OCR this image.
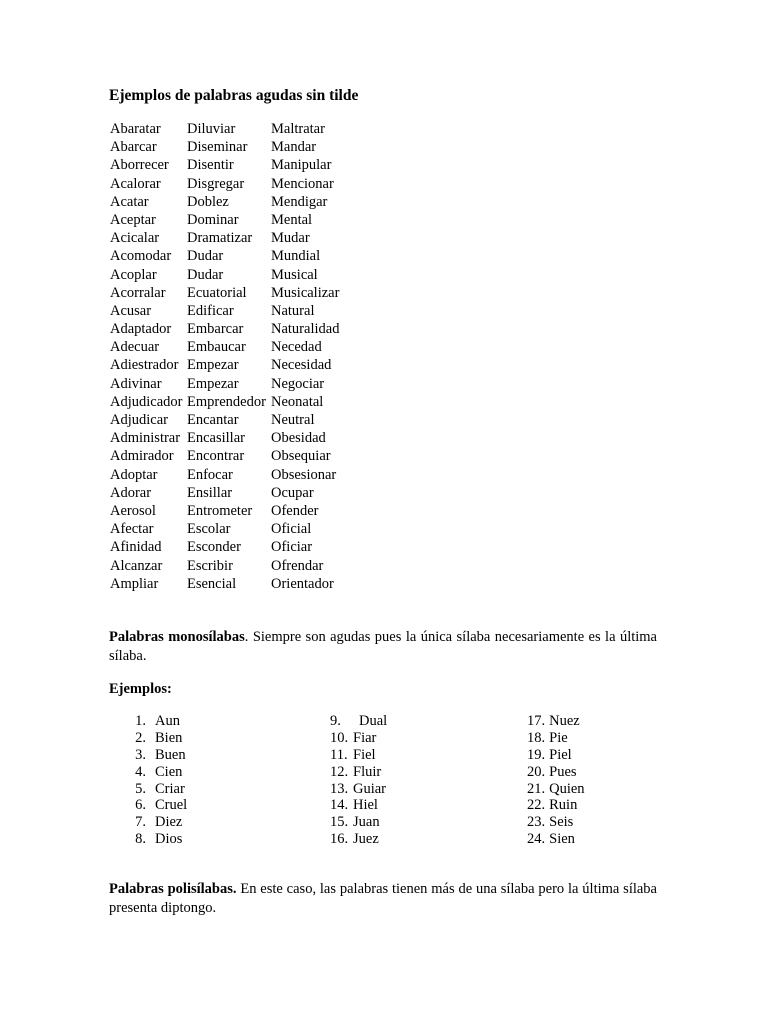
Ejemplos de palabras agudas sin tilde
Abaratar
Abarcar
Aborrecer
Acalorar
Acatar
Aceptar
Acicalar
Acomodar
Acoplar
Acorralar
Acusar
Adaptador
Adecuar
Adiestrador
Adivinar
Adjudicador
Adjudicar
Administrar
Admirador
Adoptar
Adorar
Aerosol
Afectar
Afinidad
Alcanzar
Ampliar
Diluviar
Diseminar
Disentir
Disgregar
Doblez
Dominar
Dramatizar
Dudar
Dudar
Ecuatorial
Edificar
Embarcar
Embaucar
Empezar
Empezar
Emprendedor
Encantar
Encasillar
Encontrar
Enfocar
Ensillar
Entrometer
Escolar
Esconder
Escribir
Esencial
Maltratar
Mandar
Manipular
Mencionar
Mendigar
Mental
Mudar
Mundial
Musical
Musicalizar
Natural
Naturalidad
Necedad
Necesidad
Negociar
Neonatal
Neutral
Obesidad
Obsequiar
Obsesionar
Ocupar
Ofender
Oficial
Oficiar
Ofrendar
Orientador

Palabras monosílabas. Siempre son agudas pues la única sílaba necesariamente es la última sílaba.

Ejemplos:
1. Aun
2. Bien
3. Buen
4. Cien
5. Criar
6. Cruel
7. Diez
8. Dios
9. Dual
10. Fiar
11. Fiel
12. Fluir
13. Guiar
14. Hiel
15. Juan
16. Juez
17. Nuez
18. Pie
19. Piel
20. Pues
21. Quien
22. Ruin
23. Seis
24. Sien

Palabras polisílabas. En este caso, las palabras tienen más de una sílaba pero la última sílaba presenta diptongo.
